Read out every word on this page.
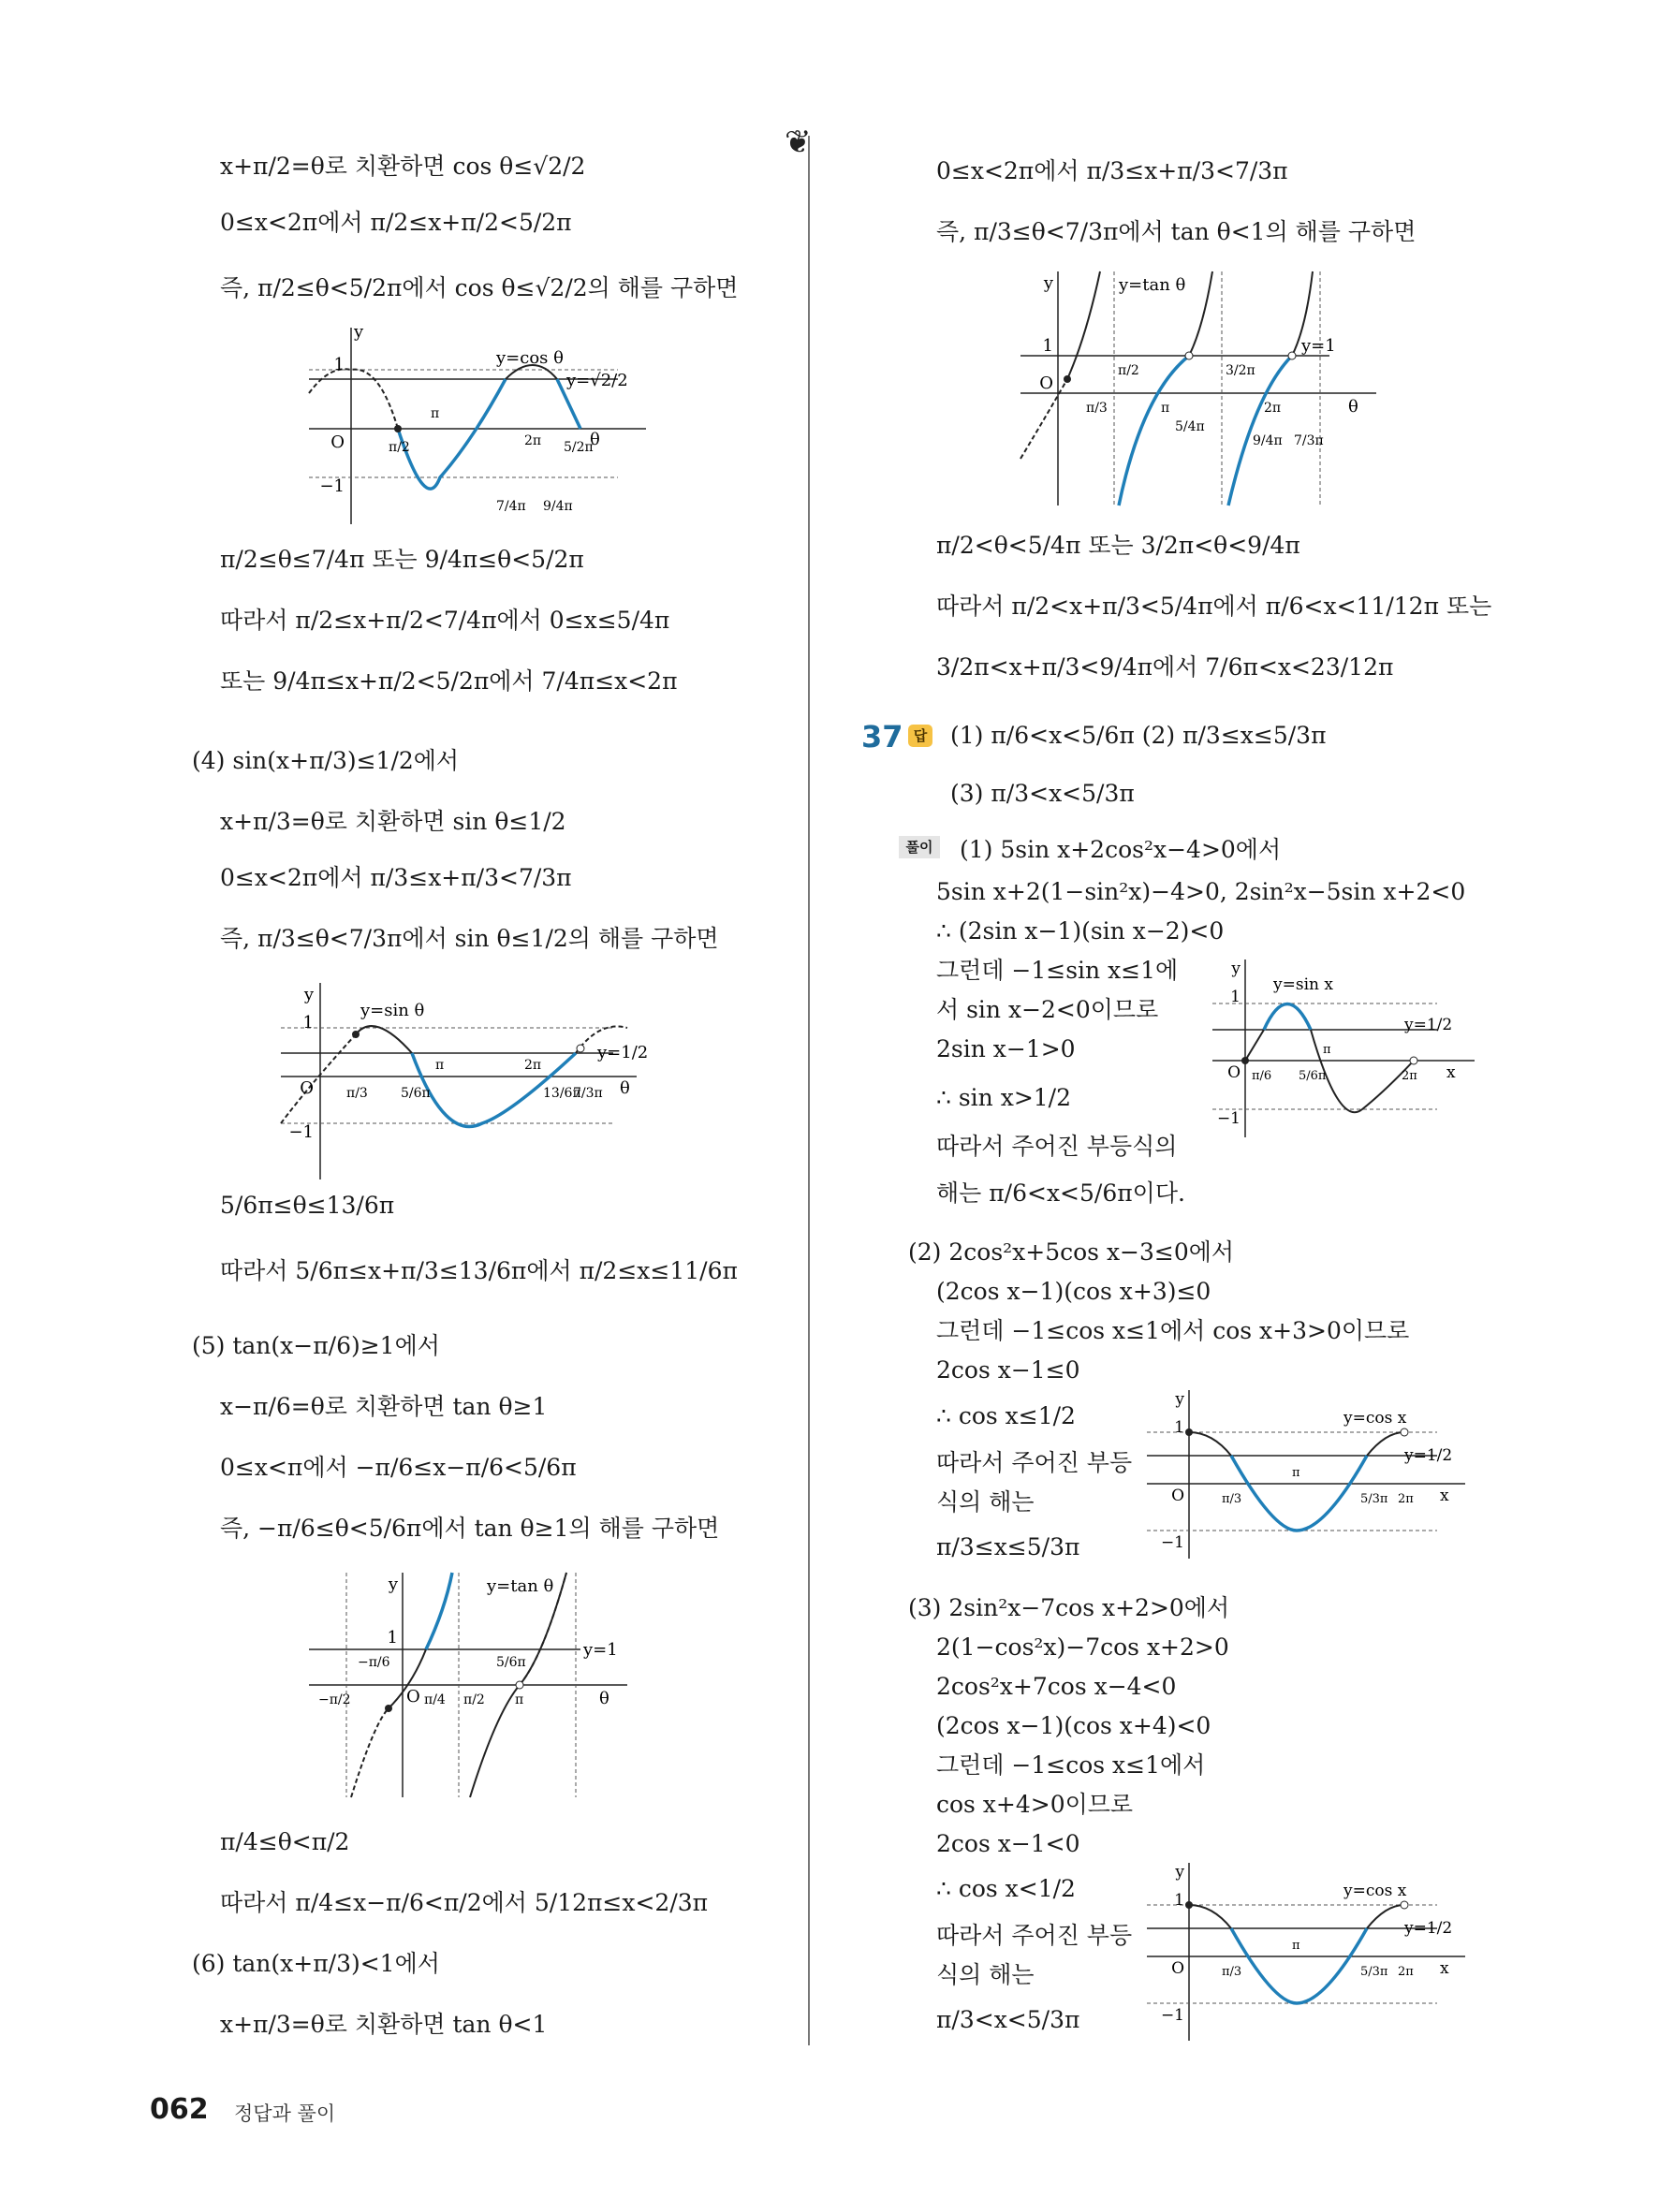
❦
x+π/2=θ로 치환하면 cos θ≤√2/2
0≤x<2π에서 π/2≤x+π/2<5/2π
즉, π/2≤θ<5/2π에서 cos θ≤√2/2의 해를 구하면
π/2≤θ≤7/4π 또는 9/4π≤θ<5/2π
따라서 π/2≤x+π/2<7/4π에서 0≤x≤5/4π
또는 9/4π≤x+π/2<5/2π에서 7/4π≤x<2π
(4) sin(x+π/3)≤1/2에서
x+π/3=θ로 치환하면 sin θ≤1/2
0≤x<2π에서 π/3≤x+π/3<7/3π
즉, π/3≤θ<7/3π에서 sin θ≤1/2의 해를 구하면
5/6π≤θ≤13/6π
따라서 5/6π≤x+π/3≤13/6π에서 π/2≤x≤11/6π
(5) tan(x−π/6)≥1에서
x−π/6=θ로 치환하면 tan θ≥1
0≤x<π에서 −π/6≤x−π/6<5/6π
즉, −π/6≤θ<5/6π에서 tan θ≥1의 해를 구하면
π/4≤θ<π/2
따라서 π/4≤x−π/6<π/2에서 5/12π≤x<2/3π
(6) tan(x+π/3)<1에서
x+π/3=θ로 치환하면 tan θ<1
0≤x<2π에서 π/3≤x+π/3<7/3π
즉, π/3≤θ<7/3π에서 tan θ<1의 해를 구하면
π/2<θ<5/4π 또는 3/2π<θ<9/4π
따라서 π/2<x+π/3<5/4π에서 π/6<x<11/12π 또는
3/2π<x+π/3<9/4π에서 7/6π<x<23/12π
(1) π/6<x<5/6π (2) π/3≤x≤5/3π
(3) π/3<x<5/3π
(1) 5sin x+2cos²x−4>0에서
5sin x+2(1−sin²x)−4>0, 2sin²x−5sin x+2<0
∴ (2sin x−1)(sin x−2)<0
그런데 −1≤sin x≤1에
서 sin x−2<0이므로
2sin x−1>0
∴ sin x>1/2
따라서 주어진 부등식의
해는 π/6<x<5/6π이다.
(2) 2cos²x+5cos x−3≤0에서
(2cos x−1)(cos x+3)≤0
그런데 −1≤cos x≤1에서 cos x+3>0이므로
2cos x−1≤0
∴ cos x≤1/2
따라서 주어진 부등
식의 해는
π/3≤x≤5/3π
(3) 2sin²x−7cos x+2>0에서
2(1−cos²x)−7cos x+2>0
2cos²x+7cos x−4<0
(2cos x−1)(cos x+4)<0
그런데 −1≤cos x≤1에서
cos x+4>0이므로
2cos x−1<0
∴ cos x<1/2
따라서 주어진 부등
식의 해는
π/3<x<5/3π
37 답
풀이
1
y
O
−1
θ
y=cos θ
y=√2/2
π/2
π
2π 5/2π
7/4π 9/4π
y
1
O
−1
θ
y=sin θ
y=1/2
π/3	5/6π
π	2π
13/6π
7/3π
y
1
O	θ
y=tan θ
y=1
−π/6
−π/2	π/4 π/2 π
5/6π
y
1
O
θ
y=tan θ
y=1
π/2
π/3	π
5/4π
3/2π
2π
9/4π 7/3π
y
1
O
−1
x
y=sin x
y=1/2
π/6 5/6π
π
2π
y
1
O
−1
x
y=cos x
y=1/2
π/3
π
5/3π 2π
y
1
O
−1
x
y=cos x
y=1/2
π/3
π
5/3π 2π
062 정답과 풀이
